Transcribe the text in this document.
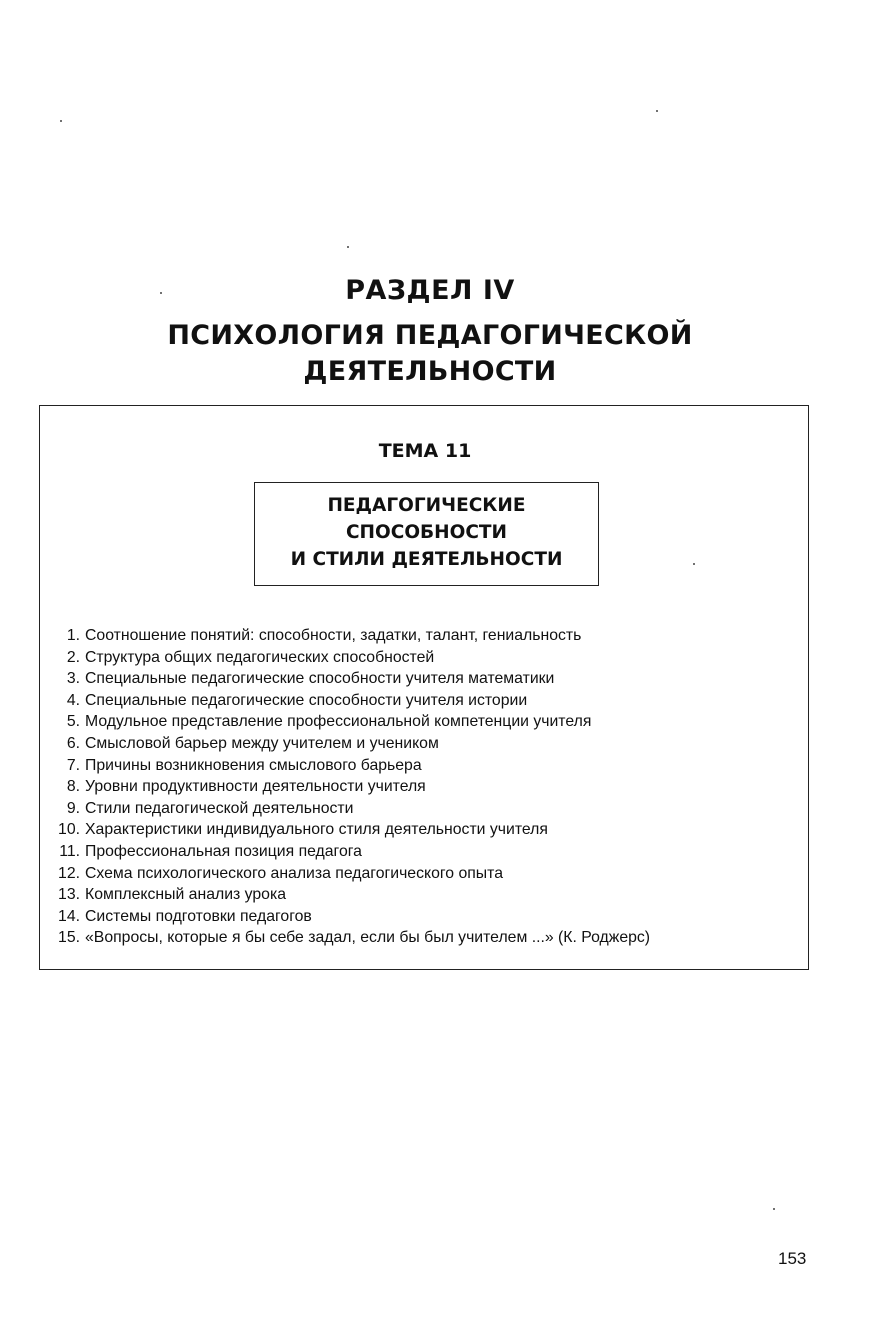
РАЗДЕЛ IV
ПСИХОЛОГИЯ ПЕДАГОГИЧЕСКОЙ
ДЕЯТЕЛЬНОСТИ
ТЕМА 11
ПЕДАГОГИЧЕСКИЕ
СПОСОБНОСТИ
И СТИЛИ ДЕЯТЕЛЬНОСТИ
1. Соотношение понятий: способности, задатки, талант, гениальность
2. Структура общих педагогических способностей
3. Специальные педагогические способности учителя математики
4. Специальные педагогические способности учителя истории
5. Модульное представление профессиональной компетенции учителя
6. Смысловой барьер между учителем и учеником
7. Причины возникновения смыслового барьера
8. Уровни продуктивности деятельности учителя
9. Стили педагогической деятельности
10. Характеристики индивидуального стиля деятельности учителя
11. Профессиональная позиция педагога
12. Схема психологического анализа педагогического опыта
13. Комплексный анализ урока
14. Системы подготовки педагогов
15. «Вопросы, которые я бы себе задал, если бы был учителем ...» (К. Роджерс)
153
